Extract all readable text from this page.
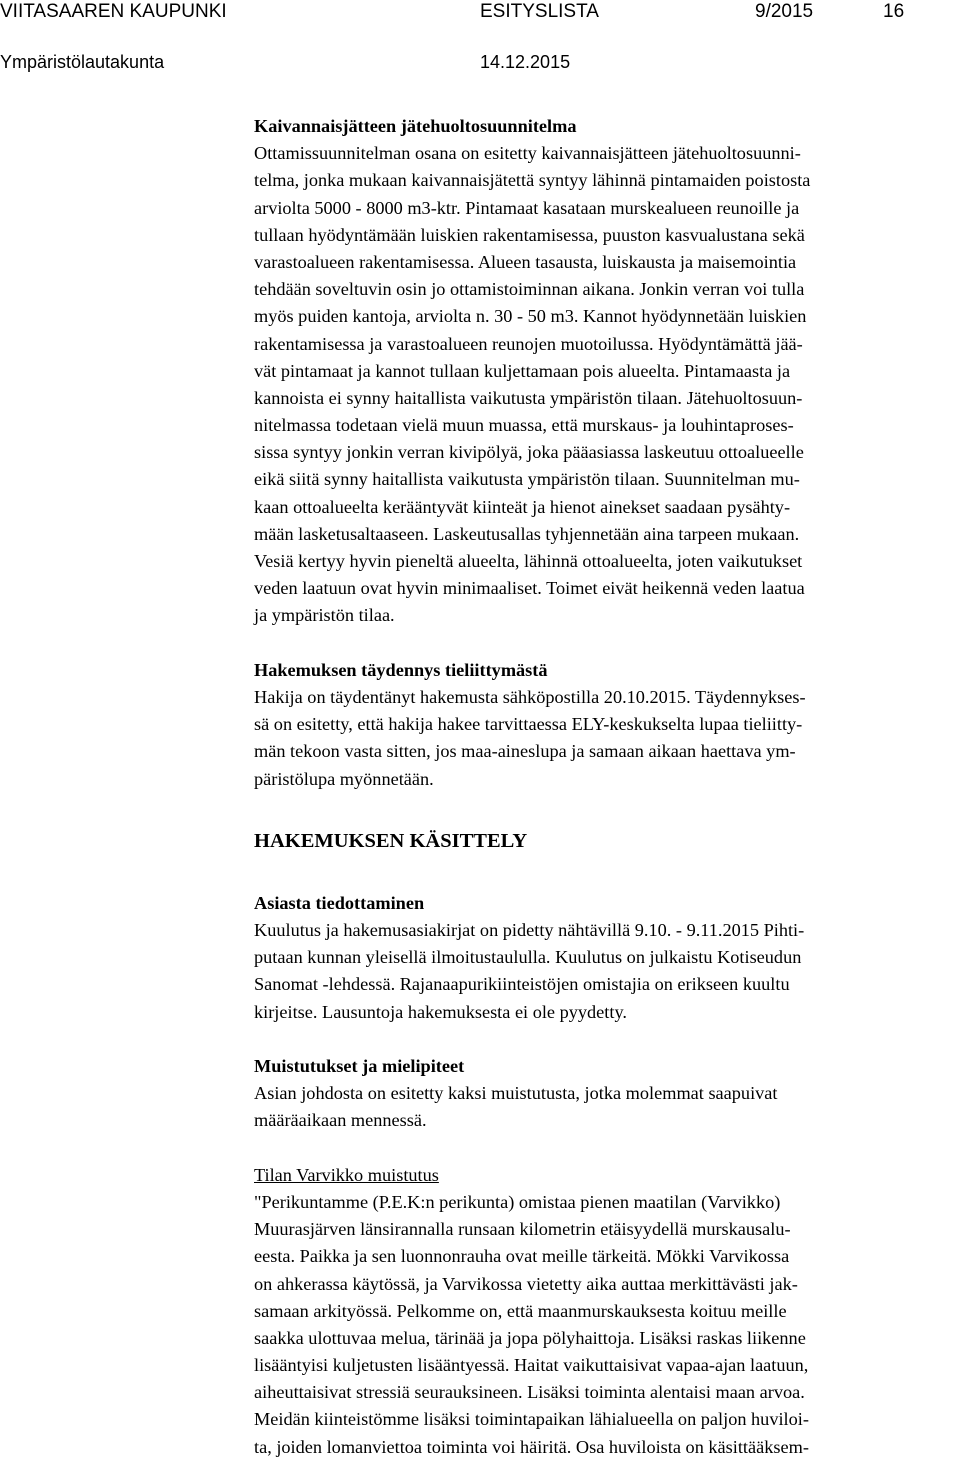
VIITASAAREN KAUPUNKI	ESITYSLISTA	9/2015	16
Ympäristölautakunta	14.12.2015
Kaivannaisjätteen jätehuoltosuunnitelma
Ottamissuunnitelman osana on esitetty kaivannaisjätteen jätehuoltosuunni-
telma, jonka mukaan kaivannaisjätettä syntyy lähinnä pintamaiden poistosta
arviolta 5000 - 8000 m3-ktr. Pintamaat kasataan murskealueen reunoille ja
tullaan hyödyntämään luiskien rakentamisessa, puuston kasvualustana sekä
varastoalueen rakentamisessa. Alueen tasausta, luiskausta ja maisemointia
tehdään soveltuvin osin jo ottamistoiminnan aikana. Jonkin verran voi tulla
myös puiden kantoja, arviolta n. 30 - 50 m3. Kannot hyödynnetään luiskien
rakentamisessa ja varastoalueen reunojen muotoilussa. Hyödyntämättä jää-
vät pintamaat ja kannot tullaan kuljettamaan pois alueelta. Pintamaasta ja
kannoista ei synny haitallista vaikutusta ympäristön tilaan. Jätehuoltosuun-
nitelmassa todetaan vielä muun muassa, että murskaus- ja louhintaproses-
sissa syntyy jonkin verran kivipölyä, joka pääasiassa laskeutuu ottoalueelle
eikä siitä synny haitallista vaikutusta ympäristön tilaan. Suunnitelman mu-
kaan ottoalueelta kerääntyvät kiinteät ja hienot ainekset saadaan pysähty-
mään lasketusaltaaseen. Laskeutusallas tyhjennetään aina tarpeen mukaan.
Vesiä kertyy hyvin pieneltä alueelta, lähinnä ottoalueelta, joten vaikutukset
veden laatuun ovat hyvin minimaaliset. Toimet eivät heikennä veden laatua
ja ympäristön tilaa.
Hakemuksen täydennys tieliittymästä
Hakija on täydentänyt hakemusta sähköpostilla 20.10.2015. Täydennykses-
sä on esitetty, että hakija hakee tarvittaessa ELY-keskukselta lupaa tieliitty-
män tekoon vasta sitten, jos maa-aineslupa ja samaan aikaan haettava ym-
päristölupa myönnetään.
HAKEMUKSEN KÄSITTELY
Asiasta tiedottaminen
Kuulutus ja hakemusasiakirjat on pidetty nähtävillä 9.10. - 9.11.2015 Pihti-
putaan kunnan yleisellä ilmoitustaululla. Kuulutus on julkaistu Kotiseudun
Sanomat -lehdessä. Rajanaapurikiinteistöjen omistajia on erikseen kuultu
kirjeitse. Lausuntoja hakemuksesta ei ole pyydetty.
Muistutukset ja mielipiteet
Asian johdosta on esitetty kaksi muistutusta, jotka molemmat saapuivat
määräaikaan mennessä.
Tilan Varvikko muistutus
"Perikuntamme (P.E.K:n perikunta) omistaa pienen maatilan (Varvikko)
Muurasjärven länsirannalla runsaan kilometrin etäisyydellä murskausalu-
eesta. Paikka ja sen luonnonrauha ovat meille tärkeitä. Mökki Varvikossa
on ahkerassa käytössä, ja Varvikossa vietetty aika auttaa merkittävästi jak-
samaan arkityössä. Pelkomme on, että maanmurskauksesta koituu meille
saakka ulottuvaa melua, tärinää ja jopa pölyhaittoja. Lisäksi raskas liikenne
lisääntyisi kuljetusten lisääntyessä. Haitat vaikuttaisivat vapaa-ajan laatuun,
aiheuttaisivat stressiä seurauksineen. Lisäksi toiminta alentaisi maan arvoa.
Meidän kiinteistömme lisäksi toimintapaikan lähialueella on paljon huviloi-
ta, joiden lomanviettoa toiminta voi häiritä. Osa huviloista on käsittääksem-
